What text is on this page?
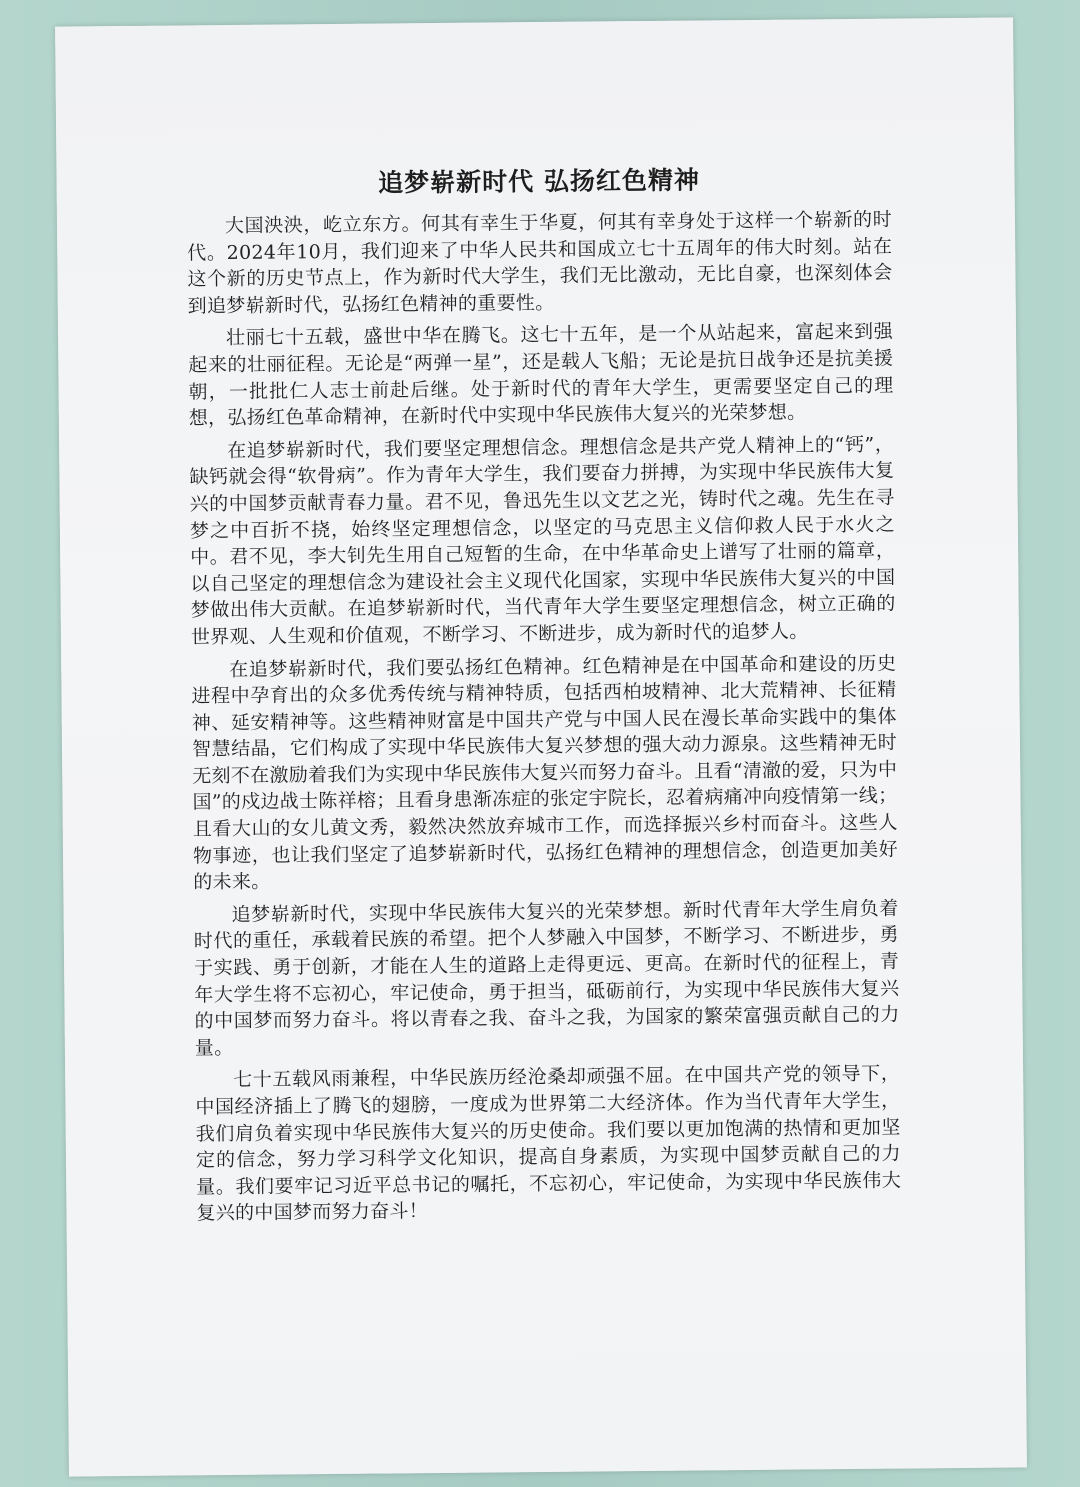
追梦崭新时代 弘扬红色精神

大国泱泱，屹立东方。何其有幸生于华夏，何其有幸身处于这样一个崭新的时代。2024年10月，我们迎来了中华人民共和国成立七十五周年的伟大时刻。站在这个新的历史节点上，作为新时代大学生，我们无比激动，无比自豪，也深刻体会到追梦崭新时代，弘扬红色精神的重要性。

壮丽七十五载，盛世中华在腾飞。这七十五年，是一个从站起来，富起来到强起来的壮丽征程。无论是“两弹一星”，还是载人飞船；无论是抗日战争还是抗美援朝，一批批仁人志士前赴后继。处于新时代的青年大学生，更需要坚定自己的理想，弘扬红色革命精神，在新时代中实现中华民族伟大复兴的光荣梦想。

在追梦崭新时代，我们要坚定理想信念。理想信念是共产党人精神上的“钙”，缺钙就会得“软骨病”。作为青年大学生，我们要奋力拼搏，为实现中华民族伟大复兴的中国梦贡献青春力量。君不见，鲁迅先生以文艺之光，铸时代之魂。先生在寻梦之中百折不挠，始终坚定理想信念，以坚定的马克思主义信仰救人民于水火之中。君不见，李大钊先生用自己短暂的生命，在中华革命史上谱写了壮丽的篇章，以自己坚定的理想信念为建设社会主义现代化国家，实现中华民族伟大复兴的中国梦做出伟大贡献。在追梦崭新时代，当代青年大学生要坚定理想信念，树立正确的世界观、人生观和价值观，不断学习、不断进步，成为新时代的追梦人。

在追梦崭新时代，我们要弘扬红色精神。红色精神是在中国革命和建设的历史进程中孕育出的众多优秀传统与精神特质，包括西柏坡精神、北大荒精神、长征精神、延安精神等。这些精神财富是中国共产党与中国人民在漫长革命实践中的集体智慧结晶，它们构成了实现中华民族伟大复兴梦想的强大动力源泉。这些精神无时无刻不在激励着我们为实现中华民族伟大复兴而努力奋斗。且看“清澈的爱，只为中国”的戍边战士陈祥榕；且看身患渐冻症的张定宇院长，忍着病痛冲向疫情第一线；且看大山的女儿黄文秀，毅然决然放弃城市工作，而选择振兴乡村而奋斗。这些人物事迹，也让我们坚定了追梦崭新时代，弘扬红色精神的理想信念，创造更加美好的未来。

追梦崭新时代，实现中华民族伟大复兴的光荣梦想。新时代青年大学生肩负着时代的重任，承载着民族的希望。把个人梦融入中国梦，不断学习、不断进步，勇于实践、勇于创新，才能在人生的道路上走得更远、更高。在新时代的征程上，青年大学生将不忘初心，牢记使命，勇于担当，砥砺前行，为实现中华民族伟大复兴的中国梦而努力奋斗。将以青春之我、奋斗之我，为国家的繁荣富强贡献自己的力量。

七十五载风雨兼程，中华民族历经沧桑却顽强不屈。在中国共产党的领导下，中国经济插上了腾飞的翅膀，一度成为世界第二大经济体。作为当代青年大学生，我们肩负着实现中华民族伟大复兴的历史使命。我们要以更加饱满的热情和更加坚定的信念，努力学习科学文化知识，提高自身素质，为实现中国梦贡献自己的力量。我们要牢记习近平总书记的嘱托，不忘初心，牢记使命，为实现中华民族伟大复兴的中国梦而努力奋斗！
